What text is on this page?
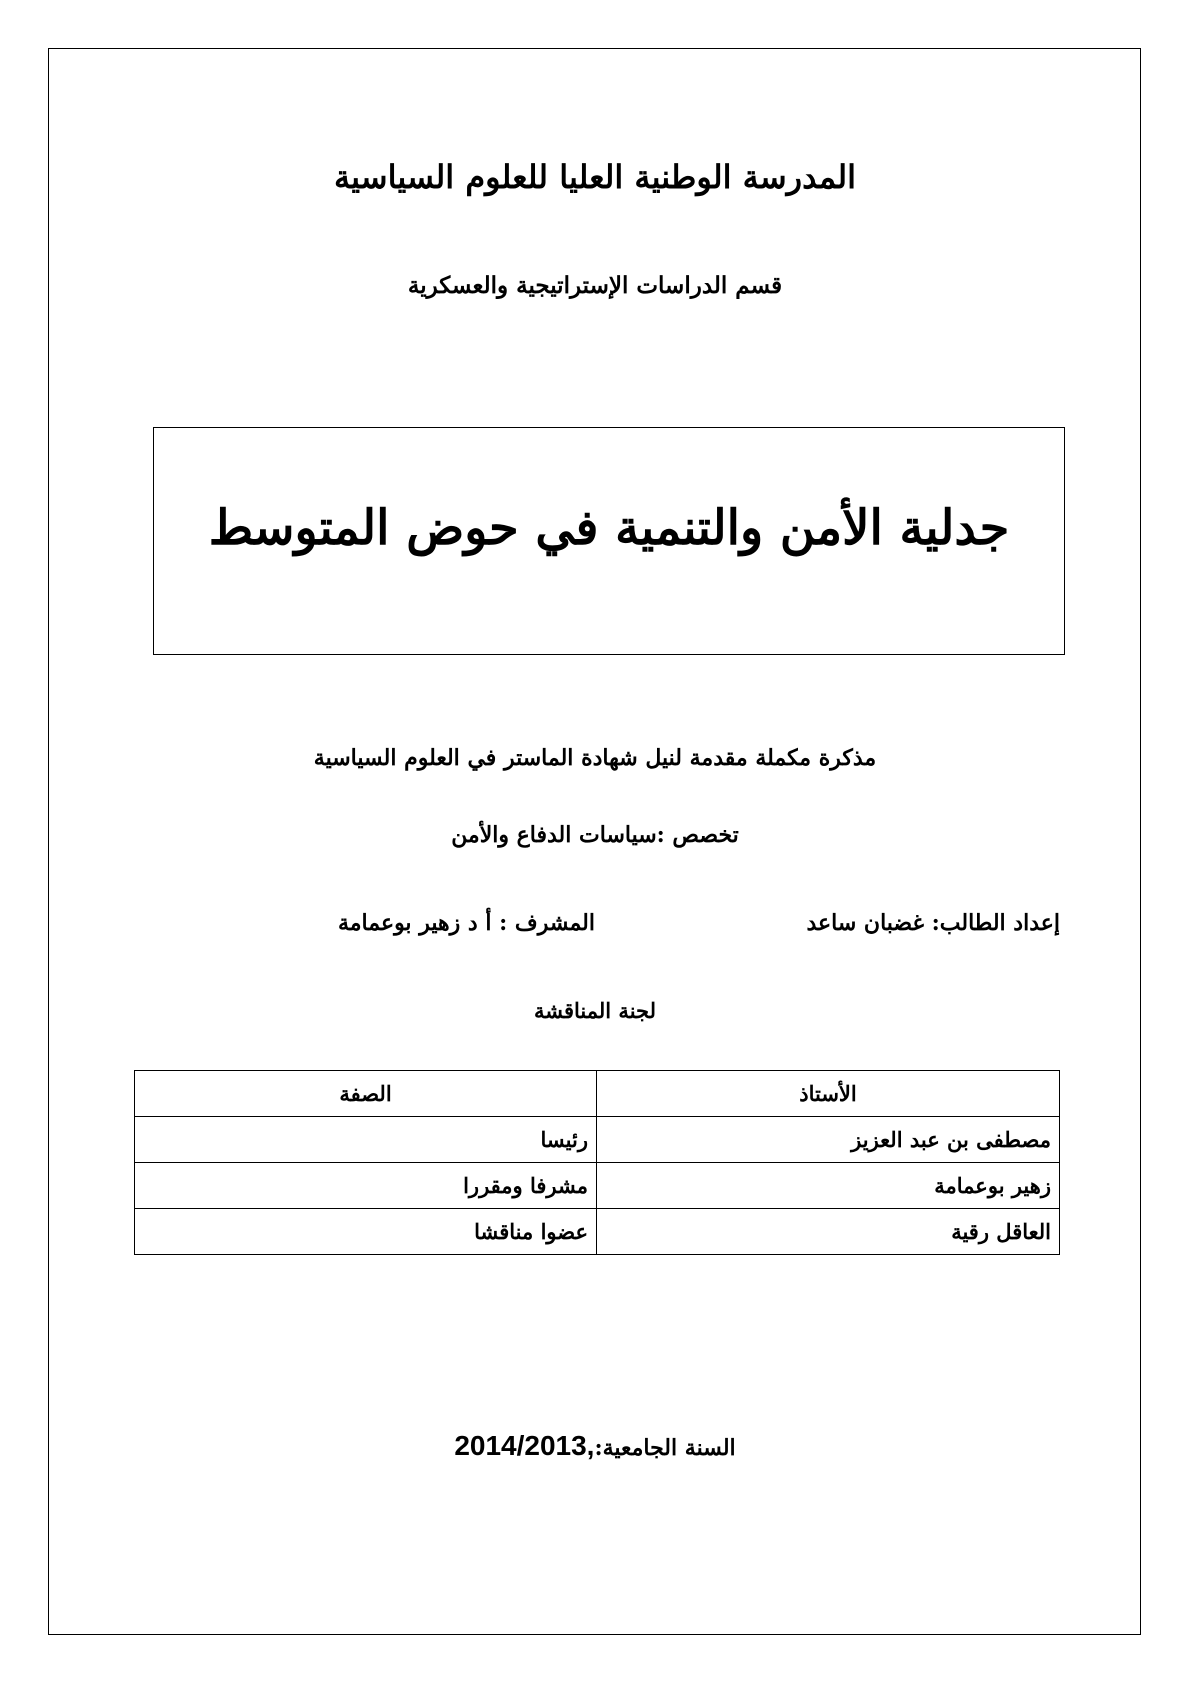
المدرسة الوطنية العليا للعلوم السياسية
قسم الدراسات الإستراتيجية والعسكرية
جدلية الأمن والتنمية في حوض المتوسط
مذكرة مكملة مقدمة لنيل شهادة الماستر في العلوم السياسية
تخصص :سياسات الدفاع والأمن
إعداد الطالب: غضبان ساعد
المشرف : أ د زهير بوعمامة
لجنة المناقشة
الأستاذ	الصفة
مصطفى بن عبد العزيز	رئيسا
زهير بوعمامة	مشرفا ومقررا
العاقل رقية	عضوا مناقشا
السنة الجامعية:2014/2013,
